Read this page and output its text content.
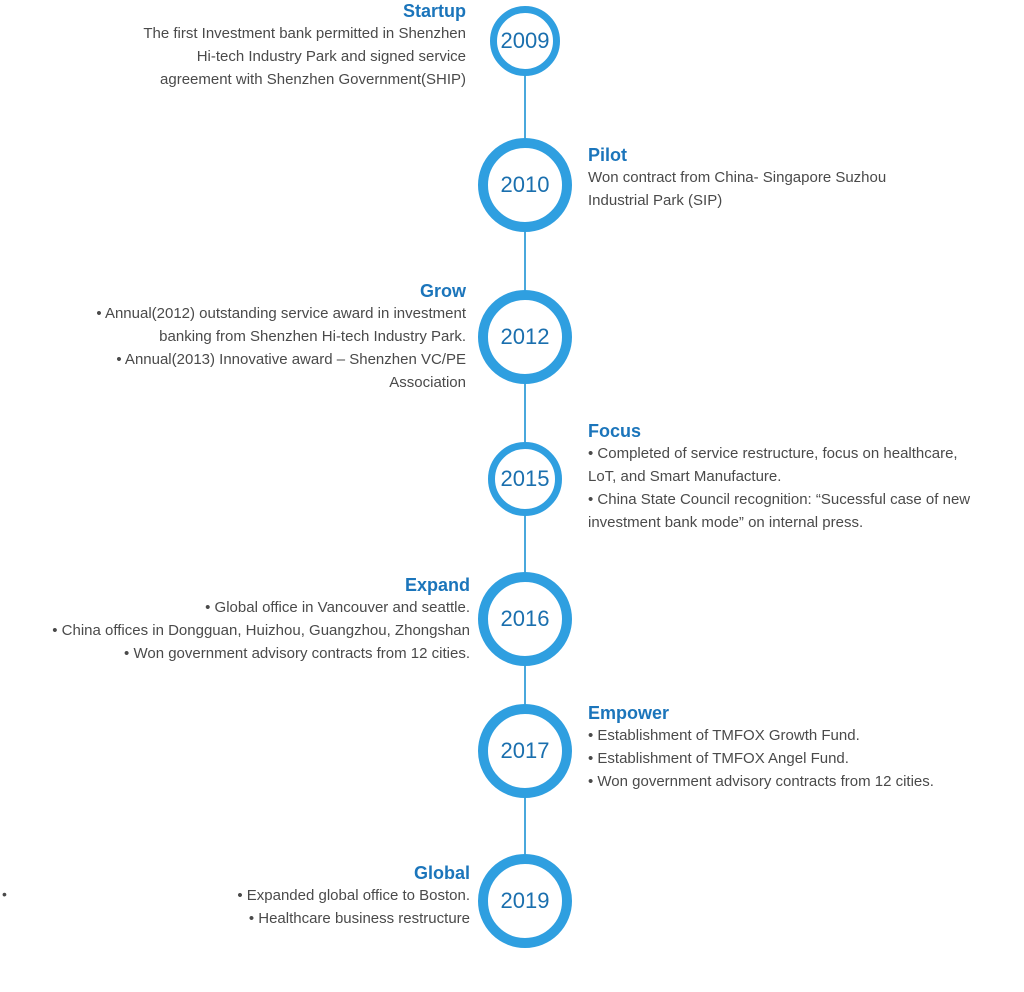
2009
Startup
The first Investment bank permitted in Shenzhen
Hi-tech Industry Park and signed service
agreement with Shenzhen Government(SHIP)
2010
Pilot
Won contract from China- Singapore Suzhou
Industrial Park (SIP)
2012
Grow
• Annual(2012) outstanding service award in investment
banking from Shenzhen Hi-tech Industry Park.
• Annual(2013) Innovative award – Shenzhen VC/PE
Association
2015
Focus
• Completed of service restructure, focus on healthcare,
LoT, and Smart Manufacture.
• China State Council recognition: “Sucessful case of new
investment bank mode” on internal press.
2016
Expand
• Global office in Vancouver and seattle.
• China offices in Dongguan, Huizhou, Guangzhou, Zhongshan
• Won government advisory contracts from 12 cities.
2017
Empower
• Establishment of TMFOX Growth Fund.
• Establishment of TMFOX Angel Fund.
• Won government advisory contracts from 12 cities.
2019
Global
• Expanded global office to Boston.
• Healthcare business restructure
•
